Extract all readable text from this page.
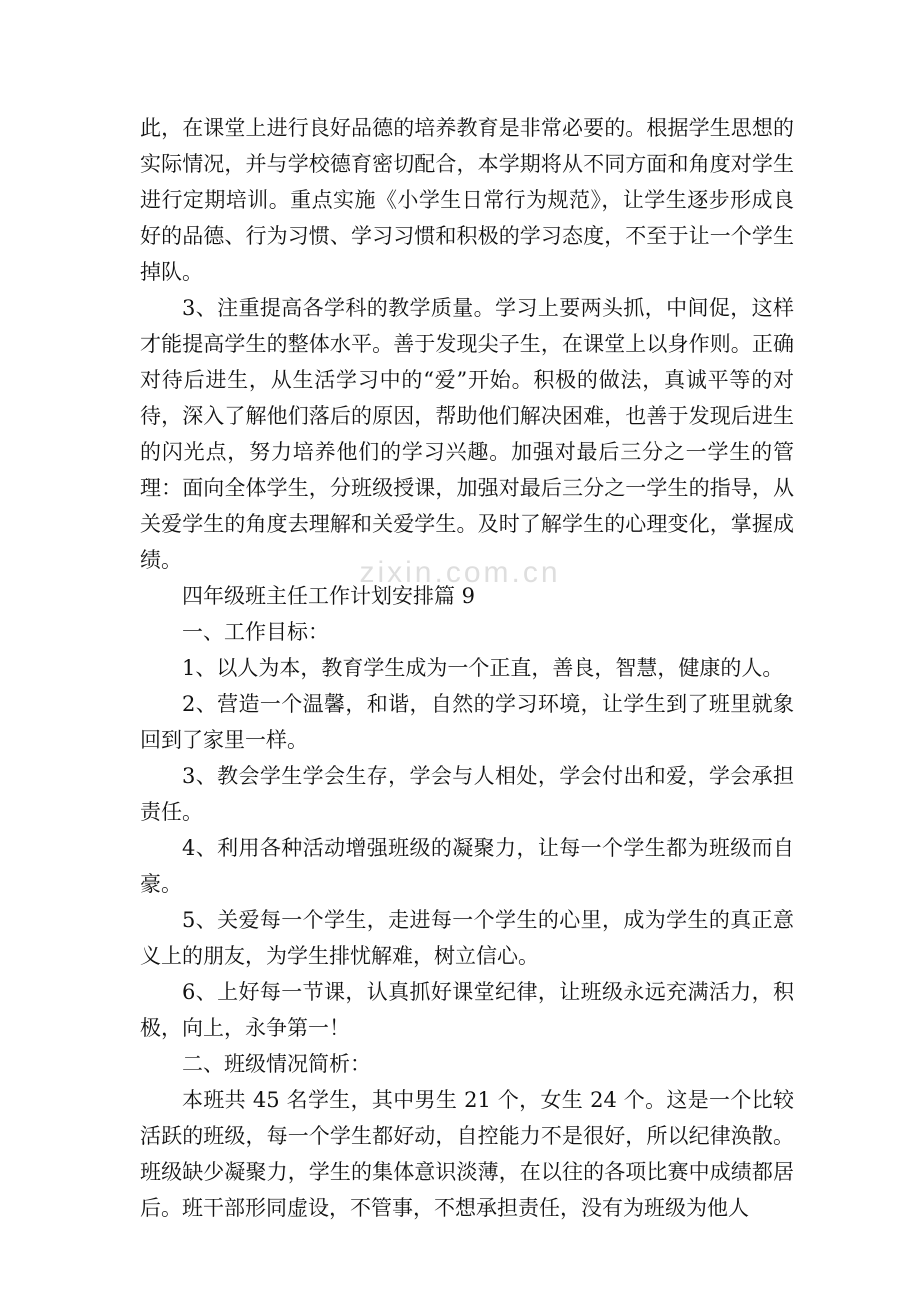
zixin.com.cn

此，在课堂上进行良好品德的培养教育是非常必要的。根据学生思想的实际情况，并与学校德育密切配合，本学期将从不同方面和角度对学生进行定期培训。重点实施《小学生日常行为规范》，让学生逐步形成良好的品德、行为习惯、学习习惯和积极的学习态度，不至于让一个学生掉队。

3、注重提高各学科的教学质量。学习上要两头抓，中间促，这样才能提高学生的整体水平。善于发现尖子生，在课堂上以身作则。正确对待后进生，从生活学习中的“爱”开始。积极的做法，真诚平等的对待，深入了解他们落后的原因，帮助他们解决困难，也善于发现后进生的闪光点，努力培养他们的学习兴趣。加强对最后三分之一学生的管理：面向全体学生，分班级授课，加强对最后三分之一学生的指导，从关爱学生的角度去理解和关爱学生。及时了解学生的心理变化，掌握成绩。

四年级班主任工作计划安排篇 9

一、工作目标：

1、以人为本，教育学生成为一个正直，善良，智慧，健康的人。

2、营造一个温馨，和谐，自然的学习环境，让学生到了班里就象回到了家里一样。

3、教会学生学会生存，学会与人相处，学会付出和爱，学会承担责任。

4、利用各种活动增强班级的凝聚力，让每一个学生都为班级而自豪。

5、关爱每一个学生，走进每一个学生的心里，成为学生的真正意义上的朋友，为学生排忧解难，树立信心。

6、上好每一节课，认真抓好课堂纪律，让班级永远充满活力，积极，向上，永争第一！

二、班级情况简析：

本班共 45 名学生，其中男生 21 个，女生 24 个。这是一个比较活跃的班级，每一个学生都好动，自控能力不是很好，所以纪律涣散。班级缺少凝聚力，学生的集体意识淡薄，在以往的各项比赛中成绩都居后。班干部形同虚设，不管事，不想承担责任，没有为班级为他人
